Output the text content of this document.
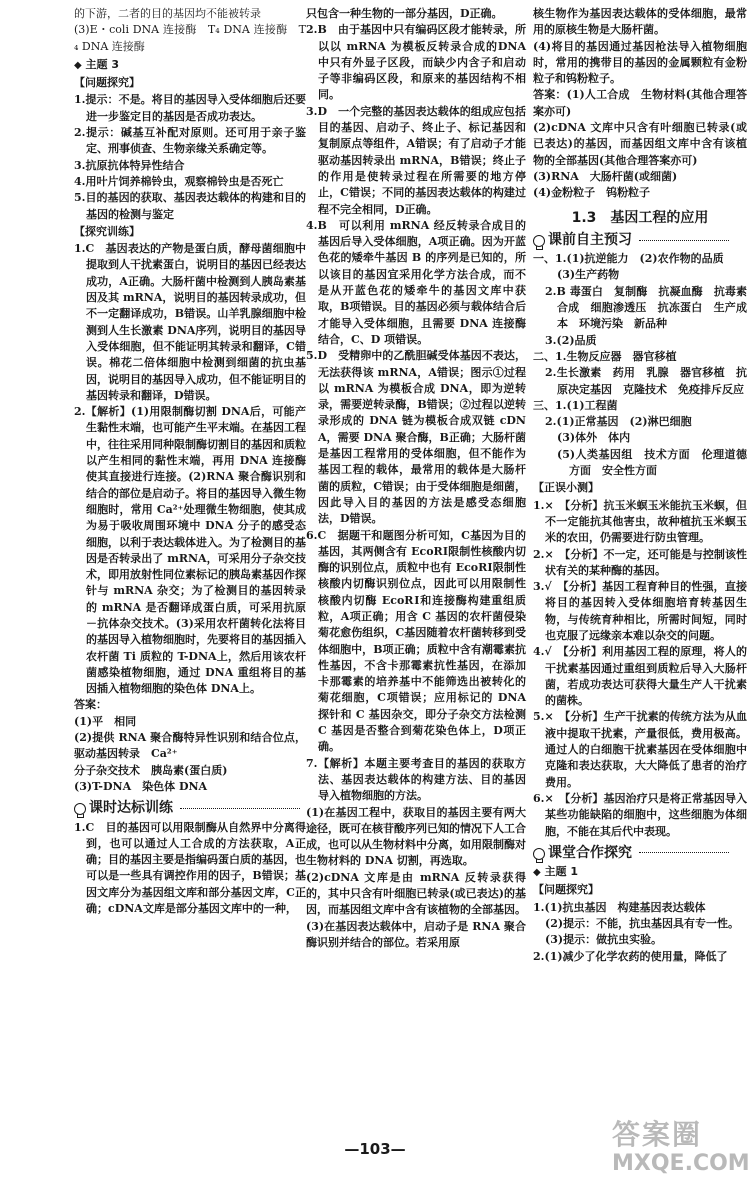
的下游，二者的目的基因均不能被转录

(3)E・coli DNA 连接酶　T₄ DNA 连接酶　T₄ DNA 连接酶

◆ 主题 3

【问题探究】

1.提示：不是。将目的基因导入受体细胞后还要进一步鉴定目的基因是否成功表达。

2.提示：碱基互补配对原则。还可用于亲子鉴定、刑事侦查、生物亲缘关系确定等。

3.抗原抗体特异性结合

4.用叶片饲养棉铃虫，观察棉铃虫是否死亡

5.目的基因的获取、基因表达载体的构建和目的基因的检测与鉴定

【探究训练】

1.C　基因表达的产物是蛋白质，酵母菌细胞中提取到人干扰素蛋白，说明目的基因已经表达成功，A正确。大肠杆菌中检测到人胰岛素基因及其 mRNA，说明目的基因转录成功，但不一定翻译成功，B错误。山羊乳腺细胞中检测到人生长激素 DNA序列，说明目的基因导入受体细胞，但不能证明其转录和翻译，C错误。棉花二倍体细胞中检测到细菌的抗虫基因，说明目的基因导入成功，但不能证明目的基因转录和翻译，D错误。

2.【解析】(1)用限制酶切割 DNA后，可能产生黏性末端，也可能产生平末端。在基因工程中，往往采用同种限制酶切割目的基因和质粒以产生相同的黏性末端，再用 DNA 连接酶使其直接进行连接。(2)RNA 聚合酶识别和结合的部位是启动子。将目的基因导入微生物细胞时，常用 Ca²⁺处理微生物细胞，使其成为易于吸收周围环境中 DNA 分子的感受态细胞，以利于表达载体进入。为了检测目的基因是否转录出了 mRNA，可采用分子杂交技术，即用放射性同位素标记的胰岛素基因作探针与 mRNA 杂交；为了检测目的基因转录的 mRNA 是否翻译成蛋白质，可采用抗原－抗体杂交技术。(3)采用农杆菌转化法将目的基因导入植物细胞时，先要将目的基因插入农杆菌 Ti 质粒的 T-DNA上，然后用该农杆菌感染植物细胞，通过 DNA 重组将目的基因插入植物细胞的染色体 DNA上。

答案：

(1)平　相同

(2)提供 RNA 聚合酶特异性识别和结合位点，驱动基因转录　Ca²⁺

分子杂交技术　胰岛素(蛋白质)

(3)T-DNA　染色体 DNA

课时达标训练

1.C　目的基因可以用限制酶从自然界中分离得到，也可以通过人工合成的方法获取，A正确；目的基因主要是指编码蛋白质的基因，也可以是一些具有调控作用的因子，B错误；基因文库分为基因组文库和部分基因文库，C正确；cDNA文库是部分基因文库中的一种，

只包含一种生物的一部分基因，D正确。

2.B　由于基因中只有编码区段才能转录，所以以 mRNA 为模板反转录合成的DNA 中只有外显子区段，而缺少内含子和启动子等非编码区段，和原来的基因结构不相同。

3.D　一个完整的基因表达载体的组成应包括目的基因、启动子、终止子、标记基因和复制原点等组件，A错误；有了启动子才能驱动基因转录出 mRNA，B错误；终止子的作用是使转录过程在所需要的地方停止，C错误；不同的基因表达载体的构建过程不完全相同，D正确。

4.B　可以利用 mRNA 经反转录合成目的基因后导入受体细胞，A项正确。因为开蓝色花的矮牵牛基因 B 的序列是已知的，所以该目的基因宜采用化学方法合成，而不是从开蓝色花的矮牵牛的基因文库中获取，B项错误。目的基因必须与载体结合后才能导入受体细胞，且需要 DNA 连接酶结合，C、D 项错误。

5.D　受精卵中的乙酰胆碱受体基因不表达，无法获得该 mRNA，A错误；图示①过程以 mRNA 为模板合成 DNA，即为逆转录，需要逆转录酶，B错误；②过程以逆转录形成的 DNA 链为模板合成双链 cDNA，需要 DNA 聚合酶，B正确；大肠杆菌是基因工程常用的受体细胞，但不能作为基因工程的载体，最常用的载体是大肠杆菌的质粒，C错误；由于受体细胞是细菌，因此导入目的基因的方法是感受态细胞法，D错误。

6.C　据题干和题图分析可知，C基因为目的基因，其两侧含有 EcoRⅠ限制性核酸内切酶的识别位点，质粒中也有 EcoRⅠ限制性核酸内切酶识别位点，因此可以用限制性核酸内切酶 EcoRⅠ和连接酶构建重组质粒，A项正确；用含 C 基因的农杆菌侵染菊花愈伤组织，C基因随着农杆菌转移到受体细胞中，B项正确；质粒中含有潮霉素抗性基因，不含卡那霉素抗性基因，在添加卡那霉素的培养基中不能筛选出被转化的菊花细胞，C项错误；应用标记的 DNA 探针和 C 基因杂交，即分子杂交方法检测 C 基因是否整合到菊花染色体上，D项正确。

7.【解析】本题主要考查目的基因的获取方法、基因表达载体的构建方法、目的基因导入植物细胞的方法。

(1)在基因工程中，获取目的基因主要有两大途径，既可在核苷酸序列已知的情况下人工合成，也可以从生物材料中分离，如用限制酶对生物材料的 DNA 切割，再选取。

(2)cDNA 文库是由 mRNA 反转录获得的，其中只含有叶细胞已转录(或已表达)的基因，而基因组文库中含有该植物的全部基因。

(3)在基因表达载体中，启动子是 RNA 聚合酶识别并结合的部位。若采用原

核生物作为基因表达载体的受体细胞，最常用的原核生物是大肠杆菌。

(4)将目的基因通过基因枪法导入植物细胞时，常用的携带目的基因的金属颗粒有金粉粒子和钨粉粒子。

答案：(1)人工合成　生物材料(其他合理答案亦可)

(2)cDNA 文库中只含有叶细胞已转录(或已表达)的基因，而基因组文库中含有该植物的全部基因(其他合理答案亦可)

(3)RNA　大肠杆菌(或细菌)

(4)金粉粒子　钨粉粒子

1.3　基因工程的应用

课前自主预习

一、1.(1)抗逆能力　(2)农作物的品质

(3)生产药物

2.B 毒蛋白　复制酶　抗凝血酶　抗毒素合成　细胞渗透压　抗冻蛋白　生产成本　环境污染　新品种

3.(2)品质

二、1.生物反应器　器官移植

2.生长激素　药用　乳腺　器官移植　抗原决定基因　克隆技术　免疫排斥反应

三、1.(1)工程菌

2.(1)正常基因　(2)淋巴细胞

(3)体外　体内

(5)人类基因组　技术方面　伦理道德方面　安全性方面

【正误小测】

1.×　【分析】抗玉米螟玉米能抗玉米螟，但不一定能抗其他害虫，故种植抗玉米螟玉米的农田，仍需要进行防虫管理。

2.×　【分析】不一定，还可能是与控制该性状有关的某种酶的基因。

3.√　【分析】基因工程育种目的性强，直接将目的基因转入受体细胞培育转基因生物，与传统育种相比，所需时间短，同时也克服了远缘亲本难以杂交的问题。

4.√　【分析】利用基因工程的原理，将人的干扰素基因通过重组到质粒后导入大肠杆菌，若成功表达可获得大量生产人干扰素的菌株。

5.×　【分析】生产干扰素的传统方法为从血液中提取干扰素，产量很低，费用极高。通过人的白细胞干扰素基因在受体细胞中克隆和表达获取，大大降低了患者的治疗费用。

6.×　【分析】基因治疗只是将正常基因导入某些功能缺陷的细胞中，这些细胞为体细胞，不能在其后代中表现。

课堂合作探究

◆ 主题 1

【问题探究】

1.(1)抗虫基因　构建基因表达载体

(2)提示：不能，抗虫基因具有专一性。

(3)提示：做抗虫实验。

2.(1)减少了化学农药的使用量，降低了

—103—	答案圈
MXQE.COM
